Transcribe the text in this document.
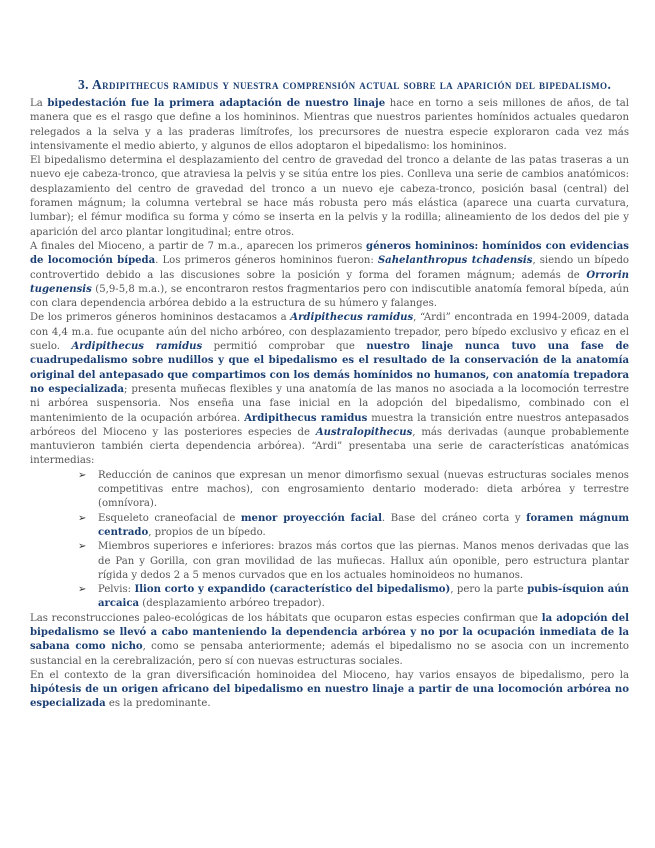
3. Ardipithecus ramidus y nuestra comprensión actual sobre la aparición del bipedalismo.

La bipedestación fue la primera adaptación de nuestro linaje hace en torno a seis millones de años, de tal manera que es el rasgo que define a los homininos. Mientras que nuestros parientes homínidos actuales quedaron relegados a la selva y a las praderas limítrofes, los precursores de nuestra especie exploraron cada vez más intensivamente el medio abierto, y algunos de ellos adoptaron el bipedalismo: los homininos.

El bipedalismo determina el desplazamiento del centro de gravedad del tronco a delante de las patas traseras a un nuevo eje cabeza-tronco, que atraviesa la pelvis y se sitúa entre los pies. Conlleva una serie de cambios anatómicos: desplazamiento del centro de gravedad del tronco a un nuevo eje cabeza-tronco, posición basal (central) del foramen mágnum; la columna vertebral se hace más robusta pero más elástica (aparece una cuarta curvatura, lumbar); el fémur modifica su forma y cómo se inserta en la pelvis y la rodilla; alineamiento de los dedos del pie y aparición del arco plantar longitudinal; entre otros.

A finales del Mioceno, a partir de 7 m.a., aparecen los primeros géneros homininos: homínidos con evidencias de locomoción bípeda. Los primeros géneros homininos fueron: Sahelanthropus tchadensis, siendo un bípedo controvertido debido a las discusiones sobre la posición y forma del foramen mágnum; además de Orrorin tugenensis (5,9-5,8 m.a.), se encontraron restos fragmentarios pero con indiscutible anatomía femoral bípeda, aún con clara dependencia arbórea debido a la estructura de su húmero y falanges.

De los primeros géneros homininos destacamos a Ardipithecus ramidus, “Ardi” encontrada en 1994-2009, datada con 4,4 m.a. fue ocupante aún del nicho arbóreo, con desplazamiento trepador, pero bípedo exclusivo y eficaz en el suelo. Ardipithecus ramidus permitió comprobar que nuestro linaje nunca tuvo una fase de cuadrupedalismo sobre nudillos y que el bipedalismo es el resultado de la conservación de la anatomía original del antepasado que compartimos con los demás homínidos no humanos, con anatomía trepadora no especializada; presenta muñecas flexibles y una anatomía de las manos no asociada a la locomoción terrestre ni arbórea suspensoria. Nos enseña una fase inicial en la adopción del bipedalismo, combinado con el mantenimiento de la ocupación arbórea. Ardipithecus ramidus muestra la transición entre nuestros antepasados arbóreos del Mioceno y las posteriores especies de Australopithecus, más derivadas (aunque probablemente mantuvieron también cierta dependencia arbórea). “Ardi” presentaba una serie de características anatómicas intermedias:

➢ Reducción de caninos que expresan un menor dimorfismo sexual (nuevas estructuras sociales menos competitivas entre machos), con engrosamiento dentario moderado: dieta arbórea y terrestre (omnívora).
➢ Esqueleto craneofacial de menor proyección facial. Base del cráneo corta y foramen mágnum centrado, propios de un bípedo.
➢ Miembros superiores e inferiores: brazos más cortos que las piernas. Manos menos derivadas que las de Pan y Gorilla, con gran movilidad de las muñecas. Hallux aún oponible, pero estructura plantar rígida y dedos 2 a 5 menos curvados que en los actuales hominoideos no humanos.
➢ Pelvis: Ilion corto y expandido (característico del bipedalismo), pero la parte pubis-ísquion aún arcaica (desplazamiento arbóreo trepador).

Las reconstrucciones paleo-ecológicas de los hábitats que ocuparon estas especies confirman que la adopción del bipedalismo se llevó a cabo manteniendo la dependencia arbórea y no por la ocupación inmediata de la sabana como nicho, como se pensaba anteriormente; además el bipedalismo no se asocia con un incremento sustancial en la cerebralización, pero sí con nuevas estructuras sociales.

En el contexto de la gran diversificación hominoidea del Mioceno, hay varios ensayos de bipedalismo, pero la hipótesis de un origen africano del bipedalismo en nuestro linaje a partir de una locomoción arbórea no especializada es la predominante.
